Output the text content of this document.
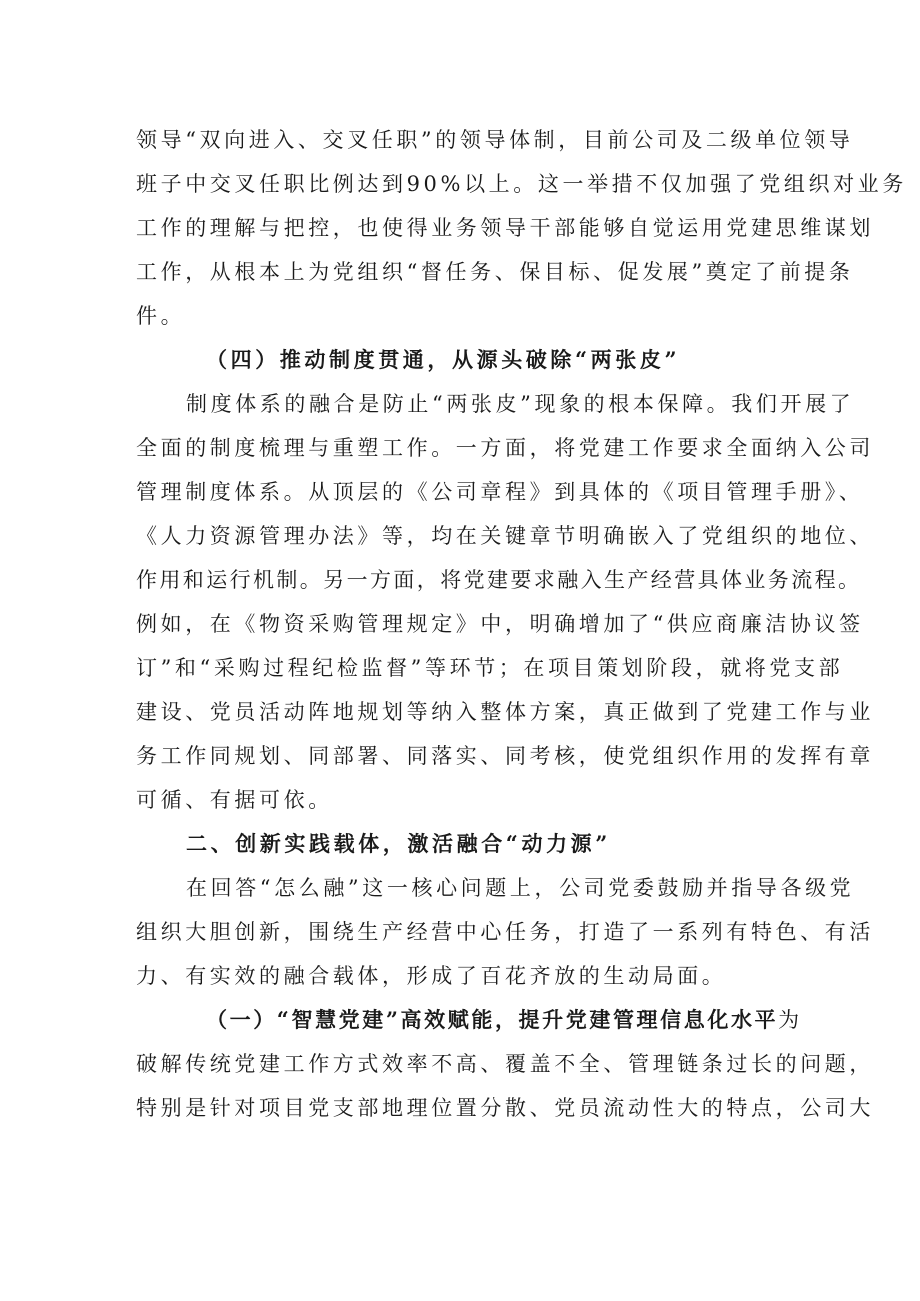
领导“双向进入、交叉任职”的领导体制，目前公司及二级单位领导
班子中交叉任职比例达到90%以上。这一举措不仅加强了党组织对业务
工作的理解与把控，也使得业务领导干部能够自觉运用党建思维谋划
工作，从根本上为党组织“督任务、保目标、促发展”奠定了前提条
件。
（四）推动制度贯通，从源头破除“两张皮”
制度体系的融合是防止“两张皮”现象的根本保障。我们开展了
全面的制度梳理与重塑工作。一方面，将党建工作要求全面纳入公司
管理制度体系。从顶层的《公司章程》到具体的《项目管理手册》、
《人力资源管理办法》等，均在关键章节明确嵌入了党组织的地位、
作用和运行机制。另一方面，将党建要求融入生产经营具体业务流程。
例如，在《物资采购管理规定》中，明确增加了“供应商廉洁协议签
订”和“采购过程纪检监督”等环节；在项目策划阶段，就将党支部
建设、党员活动阵地规划等纳入整体方案，真正做到了党建工作与业
务工作同规划、同部署、同落实、同考核，使党组织作用的发挥有章
可循、有据可依。
二、创新实践载体，激活融合“动力源”
在回答“怎么融”这一核心问题上，公司党委鼓励并指导各级党
组织大胆创新，围绕生产经营中心任务，打造了一系列有特色、有活
力、有实效的融合载体，形成了百花齐放的生动局面。
（一）“智慧党建”高效赋能，提升党建管理信息化水平为
破解传统党建工作方式效率不高、覆盖不全、管理链条过长的问题，
特别是针对项目党支部地理位置分散、党员流动性大的特点，公司大
